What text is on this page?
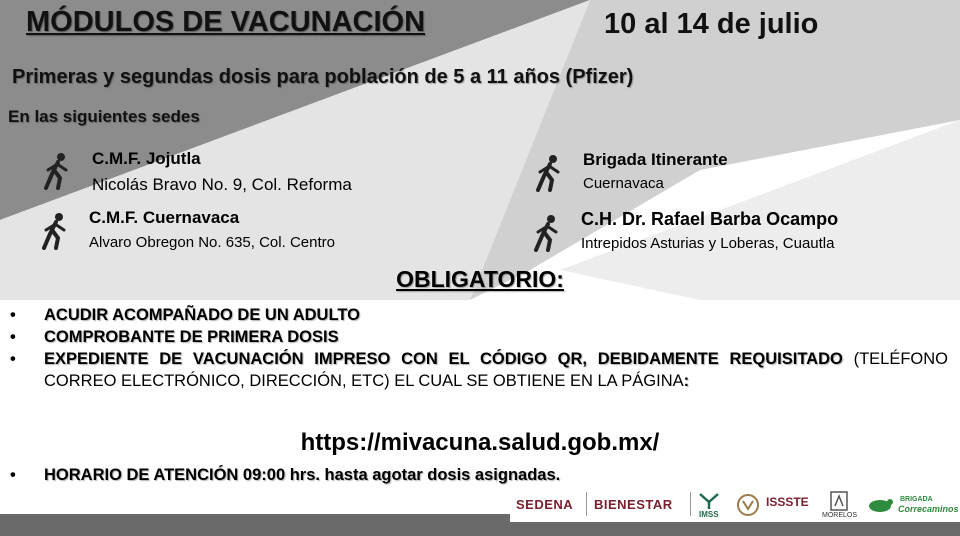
MÓDULOS DE VACUNACIÓN	10 al 14 de julio
Primeras y segundas dosis para población de 5 a 11 años (Pfizer)
En las siguientes sedes
C.M.F. Jojutla
Nicolás Bravo No. 9, Col. Reforma
Brigada Itinerante
Cuernavaca
C.M.F. Cuernavaca
Alvaro Obregon No. 635, Col. Centro
C.H. Dr. Rafael Barba Ocampo
Intrepidos Asturias y Loberas, Cuautla
OBLIGATORIO:
• ACUDIR ACOMPAÑADO DE UN ADULTO
• COMPROBANTE DE PRIMERA DOSIS
• EXPEDIENTE DE VACUNACIÓN IMPRESO CON EL CÓDIGO QR, DEBIDAMENTE REQUISITADO (TELÉFONO CORREO ELECTRÓNICO, DIRECCIÓN, ETC) EL CUAL SE OBTIENE EN LA PÁGINA:
https://mivacuna.salud.gob.mx/
• HORARIO DE ATENCIÓN 09:00 hrs. hasta agotar dosis asignadas.
SEDENA BIENESTAR
IMSS
ISSSTE
MORELOS
BRIGADA
Correcaminos
